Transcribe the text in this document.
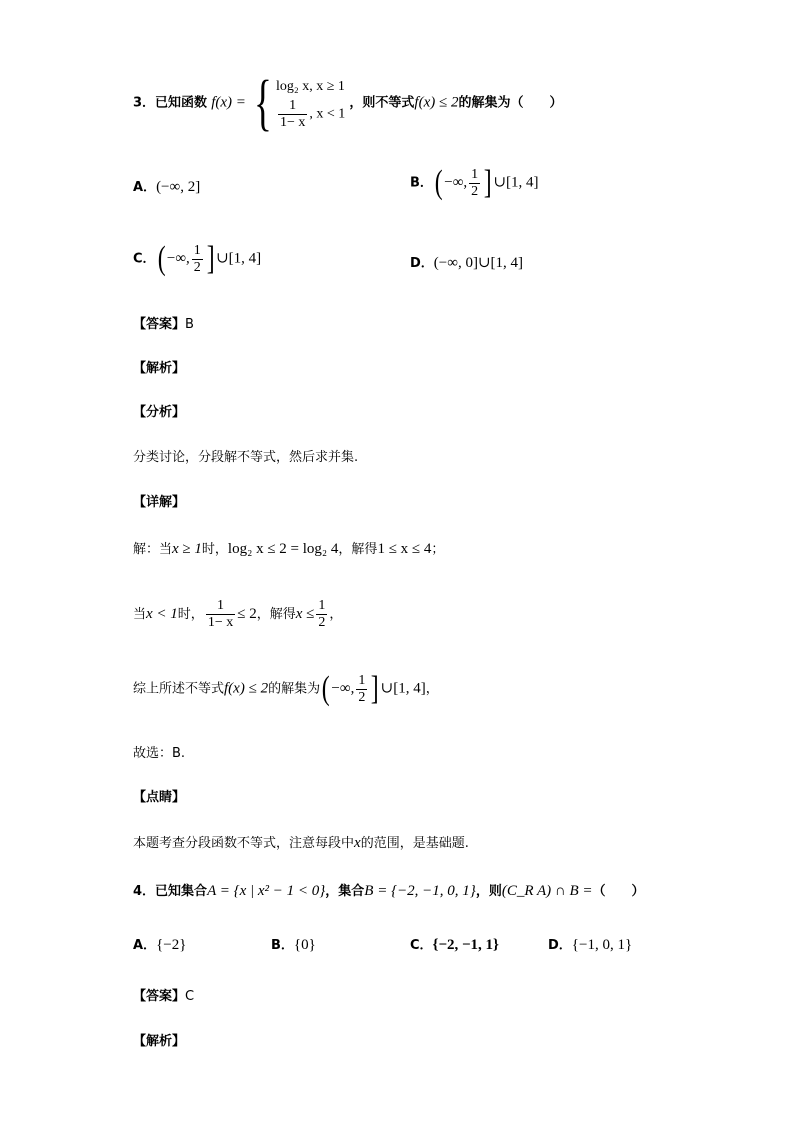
3．已知函数 f(x) = { log₂ x, x ≥ 1
$\frac{1}{1- x}$ , x < 1
，则不等式f(x) ≤ 2的解集为（　　）
A．(−∞, 2]	B．( −∞, $\frac{1}{2}$ ] ∪[1, 4]
C．( −∞, $\frac{1}{2}$ ] ∪[1, 4]	D．(−∞, 0]∪[1, 4]
【答案】B
【解析】
【分析】
分类讨论，分段解不等式，然后求并集.
【详解】
解：当x ≥ 1时，log₂ x ≤ 2 = log₂ 4，解得1 ≤ x ≤ 4；
当x < 1时， $\frac{1}{1- x} \le 2$，解得$x \le \frac{1}{2}$ ，
综上所述不等式f(x) ≤ 2的解集为( −∞, $\frac{1}{2}$ ] ∪[1, 4]，
故选：B.
【点睛】
本题考查分段函数不等式，注意每段中x的范围，是基础题.
4．已知集合A = {x | x² − 1 < 0}，集合B = {−2, −1, 0, 1}，则(C_R A) ∩ B =（　　）
A．{−2}	B．{0}	C．{−2, −1, 1}	D．{−1, 0, 1}
【答案】C
【解析】
